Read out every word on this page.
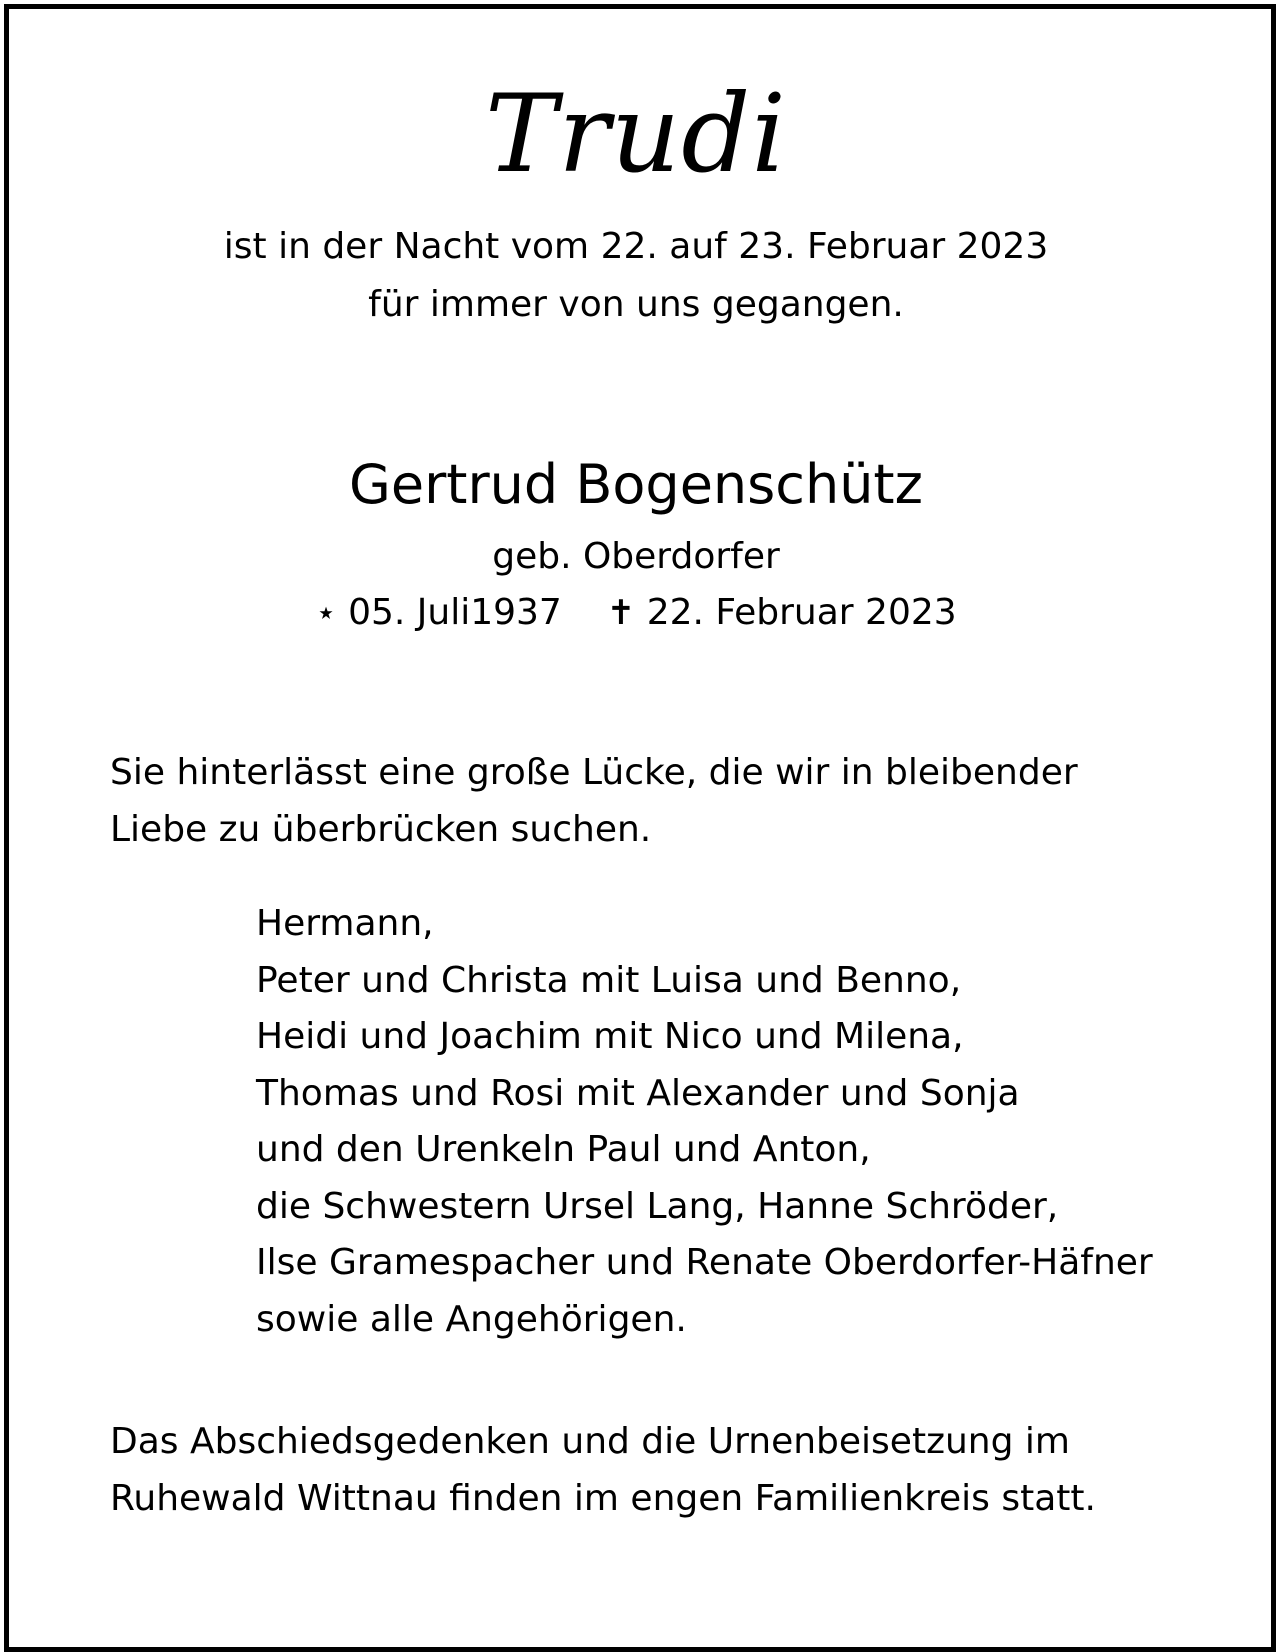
Trudi
ist in der Nacht vom 22. auf 23. Februar 2023
für immer von uns gegangen.
Gertrud Bogenschütz
geb. Oberdorfer
⋆ 05. Juli1937 ✝ 22. Februar 2023
Sie hinterlässt eine große Lücke, die wir in bleibender
Liebe zu überbrücken suchen.
Hermann,
Peter und Christa mit Luisa und Benno,
Heidi und Joachim mit Nico und Milena,
Thomas und Rosi mit Alexander und Sonja
und den Urenkeln Paul und Anton,
die Schwestern Ursel Lang, Hanne Schröder,
Ilse Gramespacher und Renate Oberdorfer-Häfner
sowie alle Angehörigen.
Das Abschiedsgedenken und die Urnenbeisetzung im
Ruhewald Wittnau finden im engen Familienkreis statt.
